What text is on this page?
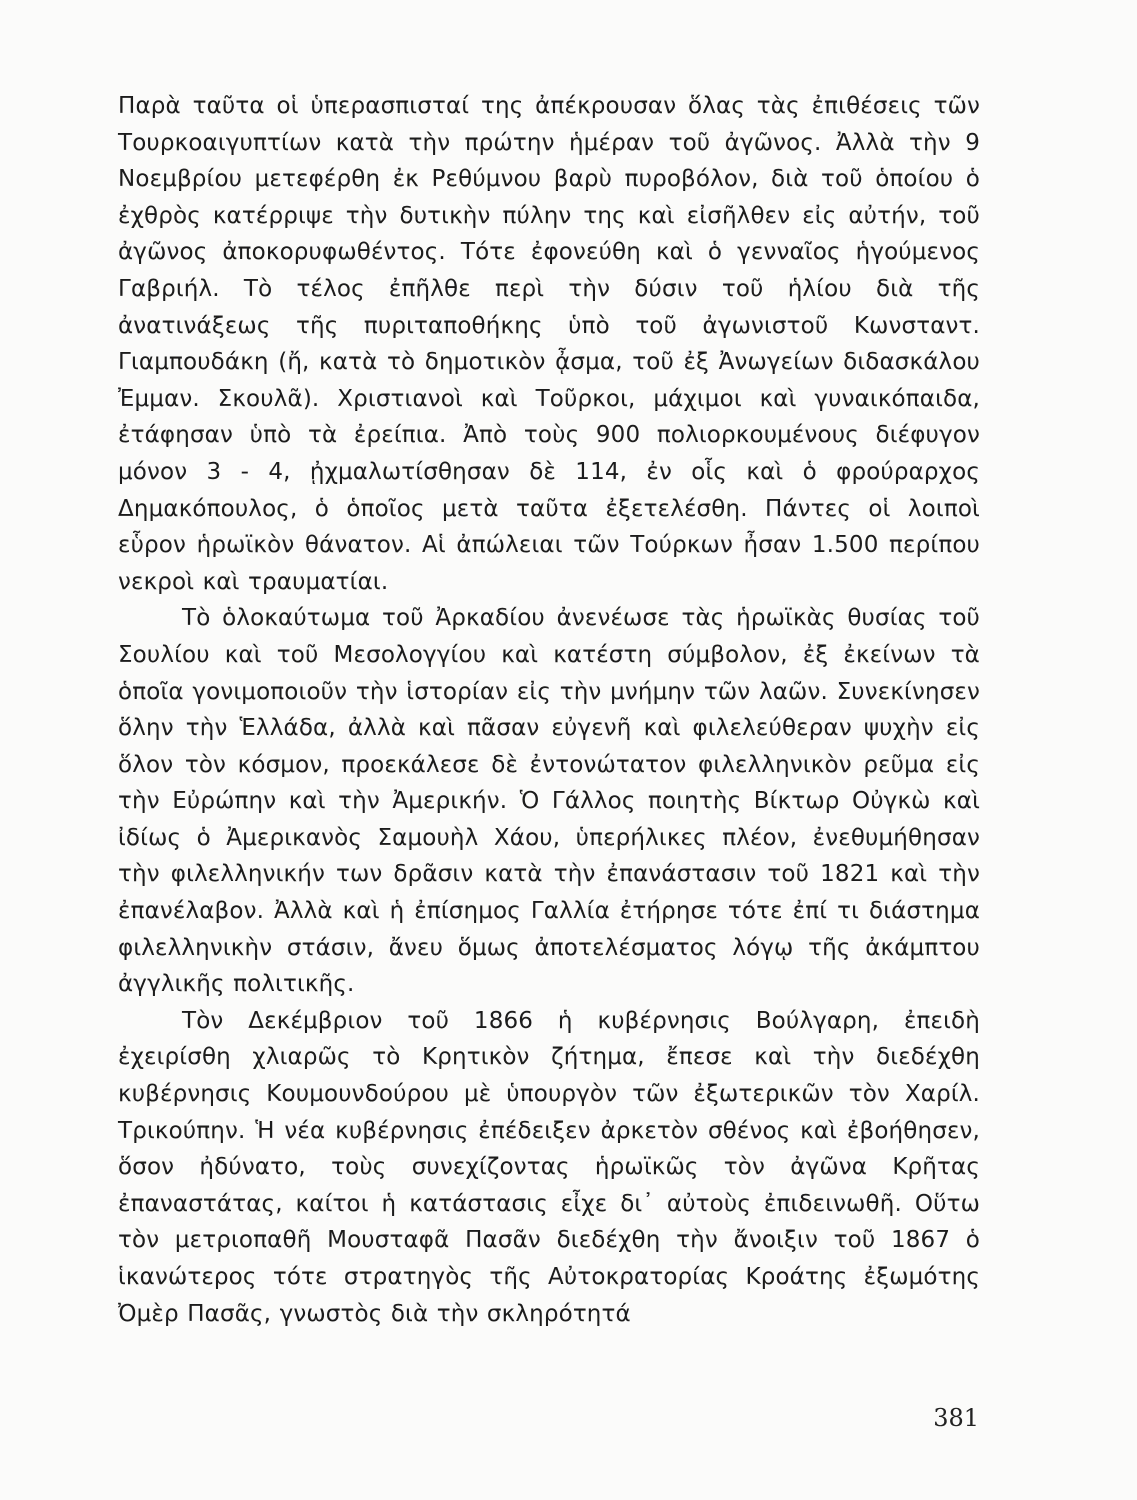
Παρὰ ταῦτα οἱ ὑπερασπισταί της ἀπέκρουσαν ὅλας τὰς ἐπιθέσεις τῶν Τουρκοαιγυπτίων κατὰ τὴν πρώτην ἡμέραν τοῦ ἀγῶνος. Ἀλλὰ τὴν 9 Νοεμβρίου μετεφέρθη ἐκ Ρεθύμνου βαρὺ πυροβόλον, διὰ τοῦ ὁποίου ὁ ἐχθρὸς κατέρριψε τὴν δυτικὴν πύλην της καὶ εἰσῆλθεν εἰς αὐτήν, τοῦ ἀγῶνος ἀποκορυφωθέντος. Τότε ἐφονεύθη καὶ ὁ γενναῖος ἡγούμενος Γαβριήλ. Τὸ τέλος ἐπῆλθε περὶ τὴν δύσιν τοῦ ἡλίου διὰ τῆς ἀνατινάξεως τῆς πυριταποθήκης ὑπὸ τοῦ ἀγωνιστοῦ Κωνσταντ. Γιαμπουδάκη (ἤ, κατὰ τὸ δημοτικὸν ᾆσμα, τοῦ ἐξ Ἀνωγείων διδασκάλου Ἐμμαν. Σκουλᾶ). Χριστιανοὶ καὶ Τοῦρκοι, μάχιμοι καὶ γυναικόπαιδα, ἐτάφησαν ὑπὸ τὰ ἐρείπια. Ἀπὸ τοὺς 900 πολιορκουμένους διέφυγον μόνον 3 - 4, ᾐχμαλωτίσθησαν δὲ 114, ἐν οἷς καὶ ὁ φρούραρχος Δημακόπουλος, ὁ ὁποῖος μετὰ ταῦτα ἐξετελέσθη. Πάντες οἱ λοιποὶ εὗρον ἡρωϊκὸν θάνατον. Αἱ ἀπώλειαι τῶν Τούρκων ἦσαν 1.500 περίπου νεκροὶ καὶ τραυματίαι.

Τὸ ὁλοκαύτωμα τοῦ Ἀρκαδίου ἀνενέωσε τὰς ἡρωϊκὰς θυσίας τοῦ Σουλίου καὶ τοῦ Μεσολογγίου καὶ κατέστη σύμβολον, ἐξ ἐκείνων τὰ ὁποῖα γονιμοποιοῦν τὴν ἱστορίαν εἰς τὴν μνήμην τῶν λαῶν. Συνεκίνησεν ὅλην τὴν Ἑλλάδα, ἀλλὰ καὶ πᾶσαν εὐγενῆ καὶ φιλελεύθεραν ψυχὴν εἰς ὅλον τὸν κόσμον, προεκάλεσε δὲ ἐντονώτατον φιλελληνικὸν ρεῦμα εἰς τὴν Εὐρώπην καὶ τὴν Ἀμερικήν. Ὁ Γάλλος ποιητὴς Βίκτωρ Οὐγκὼ καὶ ἰδίως ὁ Ἀμερικανὸς Σαμουὴλ Χάου, ὑπερήλικες πλέον, ἐνεθυμήθησαν τὴν φιλελληνικήν των δρᾶσιν κατὰ τὴν ἐπανάστασιν τοῦ 1821 καὶ τὴν ἐπανέλαβον. Ἀλλὰ καὶ ἡ ἐπίσημος Γαλλία ἐτήρησε τότε ἐπί τι διάστημα φιλελληνικὴν στάσιν, ἄνευ ὅμως ἀποτελέσματος λόγῳ τῆς ἀκάμπτου ἀγγλικῆς πολιτικῆς.

Τὸν Δεκέμβριον τοῦ 1866 ἡ κυβέρνησις Βούλγαρη, ἐπειδὴ ἐχειρίσθη χλιαρῶς τὸ Κρητικὸν ζήτημα, ἔπεσε καὶ τὴν διεδέχθη κυβέρνησις Κουμουνδούρου μὲ ὑπουργὸν τῶν ἐξωτερικῶν τὸν Χαρίλ. Τρικούπην. Ἡ νέα κυβέρνησις ἐπέδειξεν ἀρκετὸν σθένος καὶ ἐβοήθησεν, ὅσον ἠδύνατο, τοὺς συνεχίζοντας ἡρωϊκῶς τὸν ἀγῶνα Κρῆτας ἐπαναστάτας, καίτοι ἡ κατάστασις εἶχε δι᾽ αὐτοὺς ἐπιδεινωθῆ. Οὕτω τὸν μετριοπαθῆ Μουσταφᾶ Πασᾶν διεδέχθη τὴν ἄνοιξιν τοῦ 1867 ὁ ἱκανώτερος τότε στρατηγὸς τῆς Αὐτοκρατορίας Κροάτης ἐξωμότης Ὀμὲρ Πασᾶς, γνωστὸς διὰ τὴν σκληρότητά

381
